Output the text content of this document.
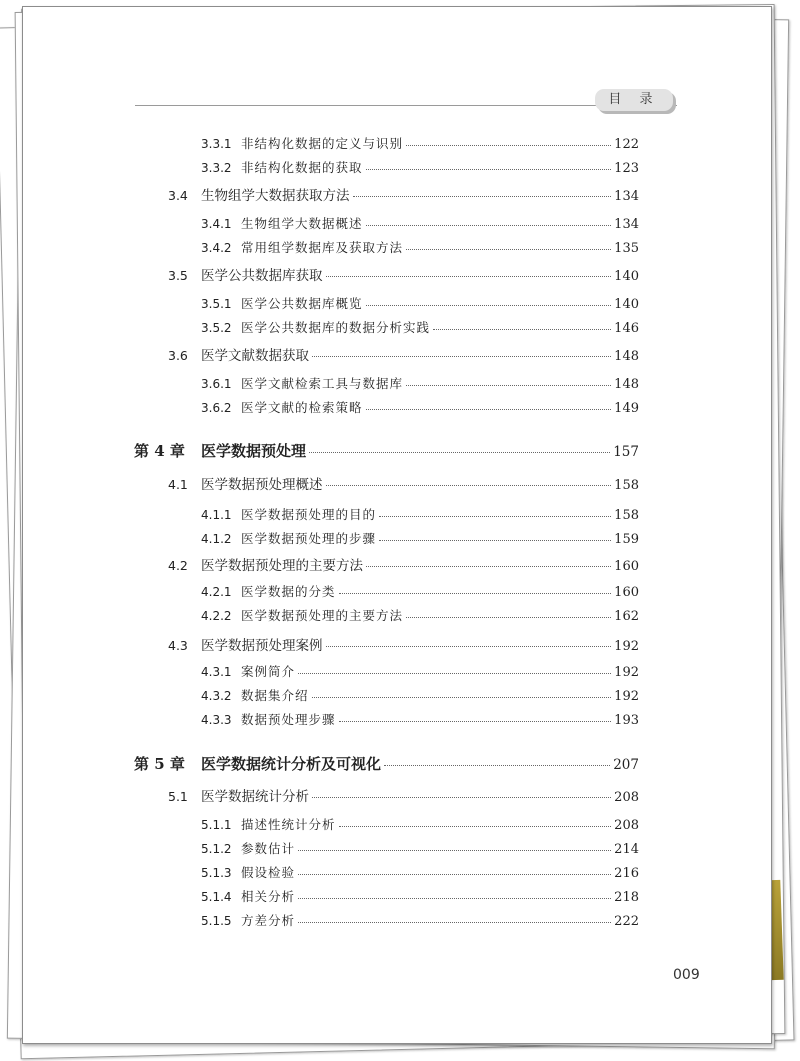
目 录
3.3.1 非结构化数据的定义与识别	122
3.3.2 非结构化数据的获取	123
3.4 生物组学大数据获取方法	134
3.4.1 生物组学大数据概述	134
3.4.2 常用组学数据库及获取方法	135
3.5 医学公共数据库获取	140
3.5.1 医学公共数据库概览	140
3.5.2 医学公共数据库的数据分析实践	146
3.6 医学文献数据获取	148
3.6.1 医学文献检索工具与数据库	148
3.6.2 医学文献的检索策略	149
第 4 章	医学数据预处理	157
4.1 医学数据预处理概述	158
4.1.1 医学数据预处理的目的	158
4.1.2 医学数据预处理的步骤	159
4.2 医学数据预处理的主要方法	160
4.2.1 医学数据的分类	160
4.2.2 医学数据预处理的主要方法	162
4.3 医学数据预处理案例	192
4.3.1 案例简介	192
4.3.2 数据集介绍	192
4.3.3 数据预处理步骤	193
第 5 章	医学数据统计分析及可视化	207
5.1 医学数据统计分析	208
5.1.1 描述性统计分析	208
5.1.2 参数估计	214
5.1.3 假设检验	216
5.1.4 相关分析	218
5.1.5 方差分析	222
009
